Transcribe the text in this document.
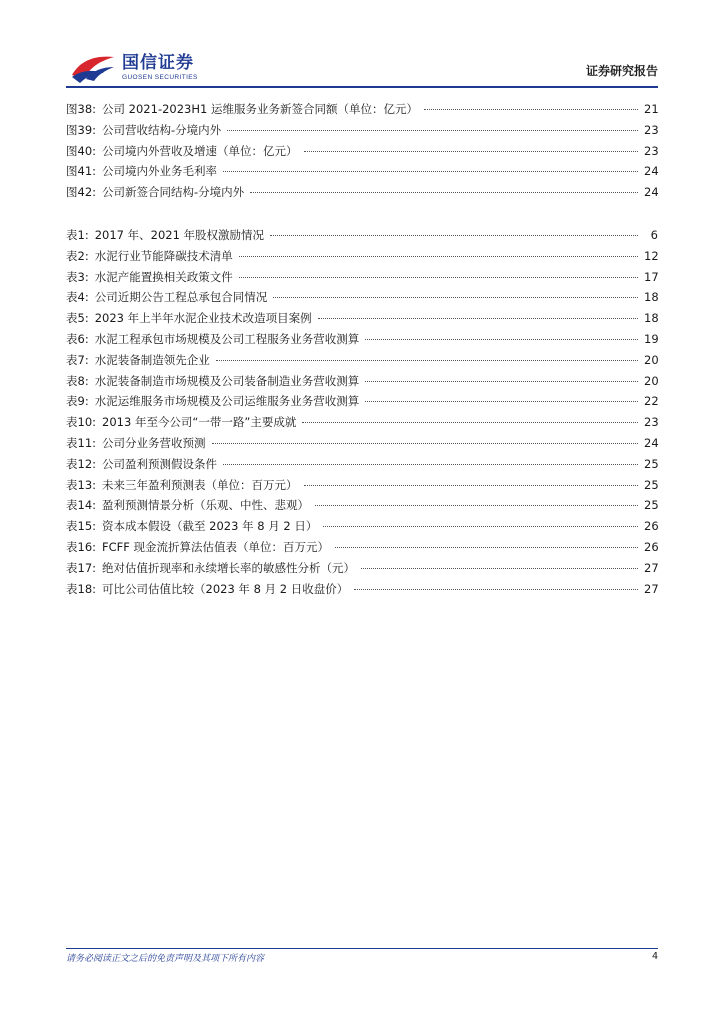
国信证券
GUOSEN SECURITIES	证券研究报告
图38: 公司 2021-2023H1 运维服务业务新签合同额（单位：亿元）	21
图39: 公司营收结构-分境内外	23
图40: 公司境内外营收及增速（单位：亿元）	23
图41: 公司境内外业务毛利率	24
图42: 公司新签合同结构-分境内外	24
表1: 2017 年、2021 年股权激励情况	6
表2: 水泥行业节能降碳技术清单	12
表3: 水泥产能置换相关政策文件	17
表4: 公司近期公告工程总承包合同情况	18
表5: 2023 年上半年水泥企业技术改造项目案例	18
表6: 水泥工程承包市场规模及公司工程服务业务营收测算	19
表7: 水泥装备制造领先企业	20
表8: 水泥装备制造市场规模及公司装备制造业务营收测算	20
表9: 水泥运维服务市场规模及公司运维服务业务营收测算	22
表10: 2013 年至今公司“一带一路”主要成就	23
表11: 公司分业务营收预测	24
表12: 公司盈利预测假设条件	25
表13: 未来三年盈利预测表（单位：百万元）	25
表14: 盈利预测情景分析（乐观、中性、悲观）	25
表15: 资本成本假设（截至 2023 年 8 月 2 日）	26
表16: FCFF 现金流折算法估值表（单位：百万元）	26
表17: 绝对估值折现率和永续增长率的敏感性分析（元）	27
表18: 可比公司估值比较（2023 年 8 月 2 日收盘价）	27
请务必阅读正文之后的免责声明及其项下所有内容	4
